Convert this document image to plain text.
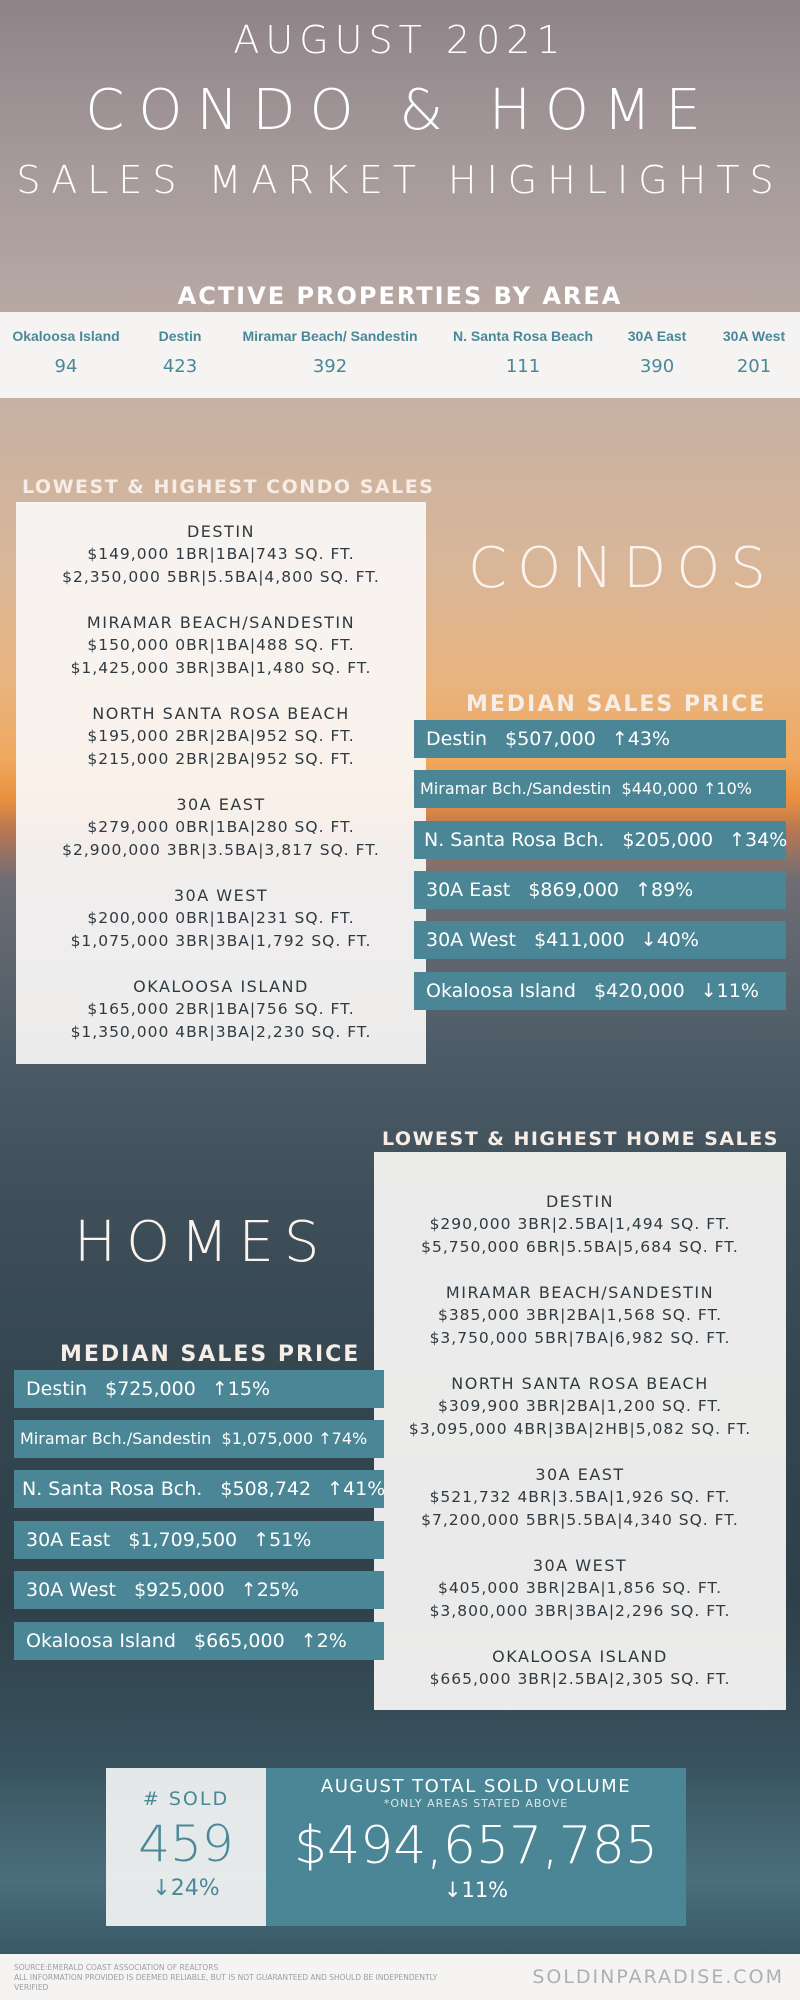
AUGUST 2021
CONDO & HOME
SALES MARKET HIGHLIGHTS
ACTIVE PROPERTIES BY AREA
Okaloosa Island
94
Destin
423
Miramar Beach/ Sandestin
392
N. Santa Rosa Beach
111
30A East
390
30A West
201
LOWEST & HIGHEST CONDO SALES
DESTIN
$149,000 1BR|1BA|743 SQ. FT.
$2,350,000 5BR|5.5BA|4,800 SQ. FT.
MIRAMAR BEACH/SANDESTIN
$150,000 0BR|1BA|488 SQ. FT.
$1,425,000 3BR|3BA|1,480 SQ. FT.
NORTH SANTA ROSA BEACH
$195,000 2BR|2BA|952 SQ. FT.
$215,000 2BR|2BA|952 SQ. FT.
30A EAST
$279,000 0BR|1BA|280 SQ. FT.
$2,900,000 3BR|3.5BA|3,817 SQ. FT.
30A WEST
$200,000 0BR|1BA|231 SQ. FT.
$1,075,000 3BR|3BA|1,792 SQ. FT.
OKALOOSA ISLAND
$165,000 2BR|1BA|756 SQ. FT.
$1,350,000 4BR|3BA|2,230 SQ. FT.
CONDOS
MEDIAN SALES PRICE
Destin $507,000 ↑43%
Miramar Bch./Sandestin $440,000 ↑10%
N. Santa Rosa Bch. $205,000 ↑34%
30A East $869,000 ↑89%
30A West $411,000 ↓40%
Okaloosa Island $420,000 ↓11%
LOWEST & HIGHEST HOME SALES
DESTIN
$290,000 3BR|2.5BA|1,494 SQ. FT.
$5,750,000 6BR|5.5BA|5,684 SQ. FT.
MIRAMAR BEACH/SANDESTIN
$385,000 3BR|2BA|1,568 SQ. FT.
$3,750,000 5BR|7BA|6,982 SQ. FT.
NORTH SANTA ROSA BEACH
$309,900 3BR|2BA|1,200 SQ. FT.
$3,095,000 4BR|3BA|2HB|5,082 SQ. FT.
30A EAST
$521,732 4BR|3.5BA|1,926 SQ. FT.
$7,200,000 5BR|5.5BA|4,340 SQ. FT.
30A WEST
$405,000 3BR|2BA|1,856 SQ. FT.
$3,800,000 3BR|3BA|2,296 SQ. FT.
OKALOOSA ISLAND
$665,000 3BR|2.5BA|2,305 SQ. FT.
HOMES
MEDIAN SALES PRICE
Destin $725,000 ↑15%
Miramar Bch./Sandestin $1,075,000 ↑74%
N. Santa Rosa Bch. $508,742 ↑41%
30A East $1,709,500 ↑51%
30A West $925,000 ↑25%
Okaloosa Island $665,000 ↑2%
# SOLD
459
↓24%
AUGUST TOTAL SOLD VOLUME
*ONLY AREAS STATED ABOVE
$494,657,785
↓11%
SOURCE:EMERALD COAST ASSOCIATION OF REALTORS
ALL INFORMATION PROVIDED IS DEEMED RELIABLE, BUT IS NOT GUARANTEED AND SHOULD BE INDEPENDENTLY VERIFIED	SOLDINPARADISE.COM
